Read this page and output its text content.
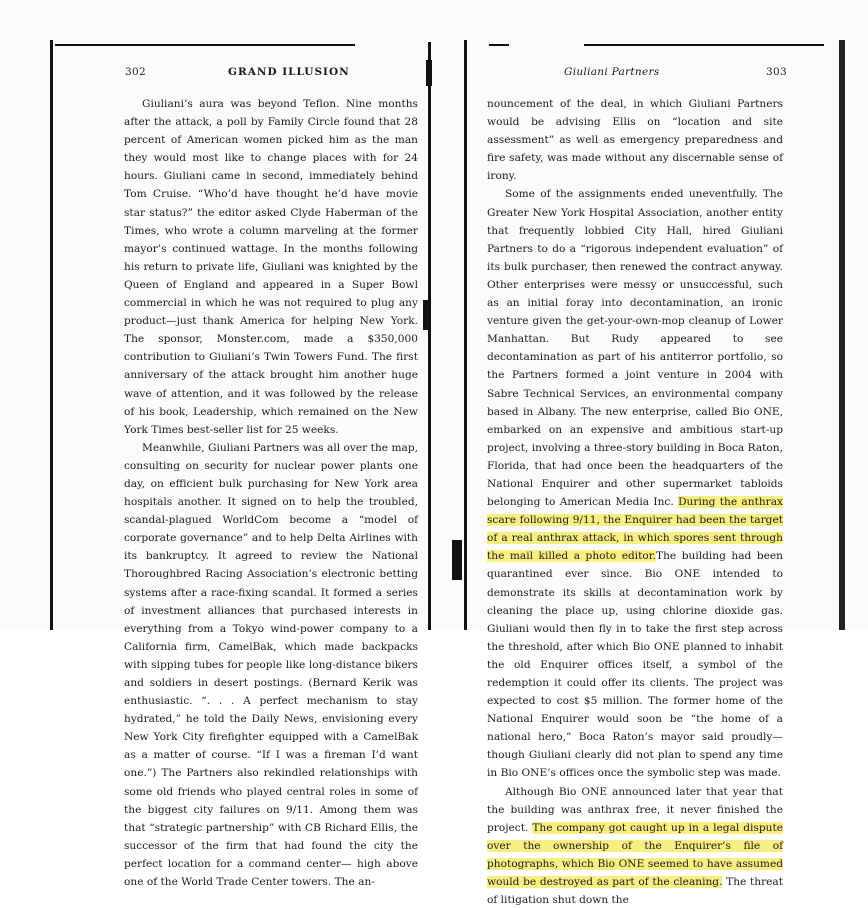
302	GRAND ILLUSION

Giuliani’s aura was beyond Teflon. Nine months after the attack, a poll by Family Circle found that 28 percent of American women picked him as the man they would most like to change places with for 24 hours. Giuliani came in second, immediately behind Tom Cruise. “Who’d have thought he’d have movie star status?” the editor asked Clyde Haberman of the Times, who wrote a column marveling at the former mayor’s continued wattage. In the months following his return to private life, Giuliani was knighted by the Queen of England and appeared in a Super Bowl commercial in which he was not required to plug any product—just thank America for helping New York. The sponsor, Monster.com, made a $350,000 contribution to Giuliani’s Twin Towers Fund. The first anniversary of the attack brought him another huge wave of attention, and it was followed by the release of his book, Leadership, which remained on the New York Times best-seller list for 25 weeks.

Meanwhile, Giuliani Partners was all over the map, consulting on security for nuclear power plants one day, on efficient bulk purchasing for New York area hospitals another. It signed on to help the troubled, scandal-plagued WorldCom become a “model of corporate governance” and to help Delta Airlines with its bankruptcy. It agreed to review the National Thoroughbred Racing Association’s electronic betting systems after a race-fixing scandal. It formed a series of investment alliances that purchased interests in everything from a Tokyo wind-power company to a California firm, CamelBak, which made backpacks with sipping tubes for people like long-distance bikers and soldiers in desert postings. (Bernard Kerik was enthusiastic. “. . . A perfect mechanism to stay hydrated,” he told the Daily News, envisioning every New York City firefighter equipped with a CamelBak as a matter of course. “If I was a fireman I’d want one.”) The Partners also rekindled relationships with some old friends who played central roles in some of the biggest city failures on 9/11. Among them was that “strategic partnership” with CB Richard Ellis, the successor of the firm that had found the city the perfect location for a command center— high above one of the World Trade Center towers. The an-

Giuliani Partners	303

nouncement of the deal, in which Giuliani Partners would be advising Ellis on “location and site assessment” as well as emergency preparedness and fire safety, was made without any discernable sense of irony.

Some of the assignments ended uneventfully. The Greater New York Hospital Association, another entity that frequently lobbied City Hall, hired Giuliani Partners to do a “rigorous independent evaluation” of its bulk purchaser, then renewed the contract anyway. Other enterprises were messy or unsuccessful, such as an initial foray into decontamination, an ironic venture given the get-your-own-mop cleanup of Lower Manhattan. But Rudy appeared to see decontamination as part of his antiterror portfolio, so the Partners formed a joint venture in 2004 with Sabre Technical Services, an environmental company based in Albany. The new enterprise, called Bio ONE, embarked on an expensive and ambitious start-up project, involving a three-story building in Boca Raton, Florida, that had once been the headquarters of the National Enquirer and other supermarket tabloids belonging to American Media Inc. During the anthrax scare following 9/11, the Enquirer had been the target of a real anthrax attack, in which spores sent through the mail killed a photo editor.The building had been quarantined ever since. Bio ONE intended to demonstrate its skills at decontamination work by cleaning the place up, using chlorine dioxide gas. Giuliani would then fly in to take the first step across the threshold, after which Bio ONE planned to inhabit the old Enquirer offices itself, a symbol of the redemption it could offer its clients. The project was expected to cost $5 million. The former home of the National Enquirer would soon be “the home of a national hero,” Boca Raton’s mayor said proudly—though Giuliani clearly did not plan to spend any time in Bio ONE’s offices once the symbolic step was made.

Although Bio ONE announced later that year that the building was anthrax free, it never finished the project. The company got caught up in a legal dispute over the ownership of the Enquirer’s file of photographs, which Bio ONE seemed to have assumed would be destroyed as part of the cleaning. The threat of litigation shut down the
